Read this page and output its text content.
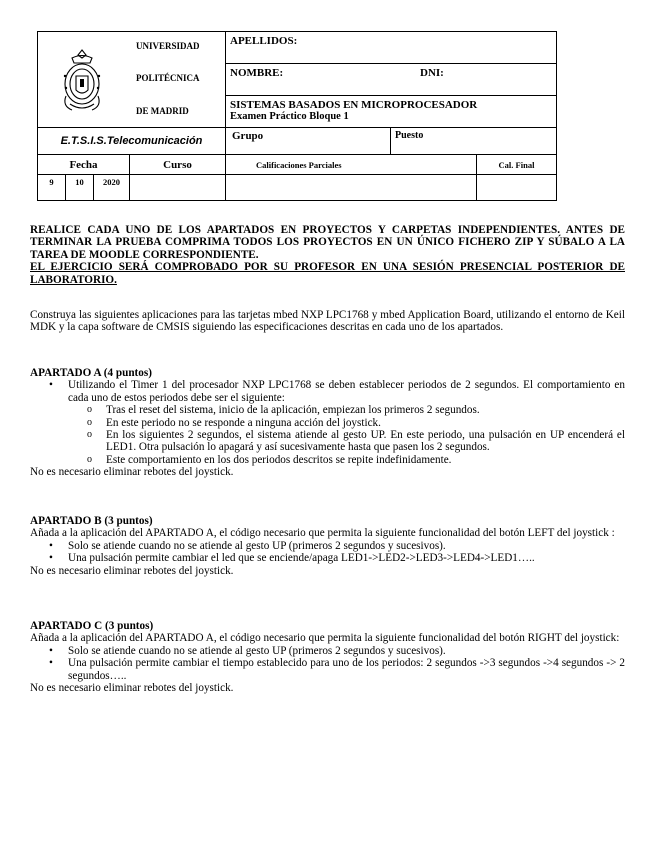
UNIVERSIDAD
POLITÉCNICA
DE MADRID				APELLIDOS:		
				NOMBRE: DNI:		

				SISTEMAS BASADOS EN MICROPROCESADOR
Examen Práctico Bloque 1		

E.T.S.I.S.Telecomunicación				Grupo	Puesto	
Fecha			Curso	Calificaciones Parciales		Cal. Final
9	10	2020				

REALICE CADA UNO DE LOS APARTADOS EN PROYECTOS Y CARPETAS INDEPENDIENTES. ANTES DE TERMINAR LA PRUEBA COMPRIMA TODOS LOS PROYECTOS EN UN ÚNICO FICHERO ZIP Y SÚBALO A LA TAREA DE MOODLE CORRESPONDIENTE.

EL EJERCICIO SERÁ COMPROBADO POR SU PROFESOR EN UNA SESIÓN PRESENCIAL POSTERIOR DE LABORATORIO.

Construya las siguientes aplicaciones para las tarjetas mbed NXP LPC1768 y mbed Application Board, utilizando el entorno de Keil MDK y la capa software de CMSIS siguiendo las especificaciones descritas en cada uno de los apartados.

APARTADO A (4 puntos)

• Utilizando el Timer 1 del procesador NXP LPC1768 se deben establecer periodos de 2 segundos. El comportamiento en cada uno de estos periodos debe ser el siguiente:
o Tras el reset del sistema, inicio de la aplicación, empiezan los primeros 2 segundos.
o En este periodo no se responde a ninguna acción del joystick.
o En los siguientes 2 segundos, el sistema atiende al gesto UP. En este periodo, una pulsación en UP encenderá el LED1. Otra pulsación lo apagará y así sucesivamente hasta que pasen los 2 segundos.
o Este comportamiento en los dos periodos descritos se repite indefinidamente.

No es necesario eliminar rebotes del joystick.

APARTADO B (3 puntos)

Añada a la aplicación del APARTADO A, el código necesario que permita la siguiente funcionalidad del botón LEFT del joystick :

• Solo se atiende cuando no se atiende al gesto UP (primeros 2 segundos y sucesivos).
• Una pulsación permite cambiar el led que se enciende/apaga LED1->LED2->LED3->LED4->LED1…..

No es necesario eliminar rebotes del joystick.

APARTADO C (3 puntos)

Añada a la aplicación del APARTADO A, el código necesario que permita la siguiente funcionalidad del botón RIGHT del joystick:

• Solo se atiende cuando no se atiende al gesto UP (primeros 2 segundos y sucesivos).
• Una pulsación permite cambiar el tiempo establecido para uno de los periodos: 2 segundos ->3 segundos ->4 segundos -> 2 segundos…..

No es necesario eliminar rebotes del joystick.
